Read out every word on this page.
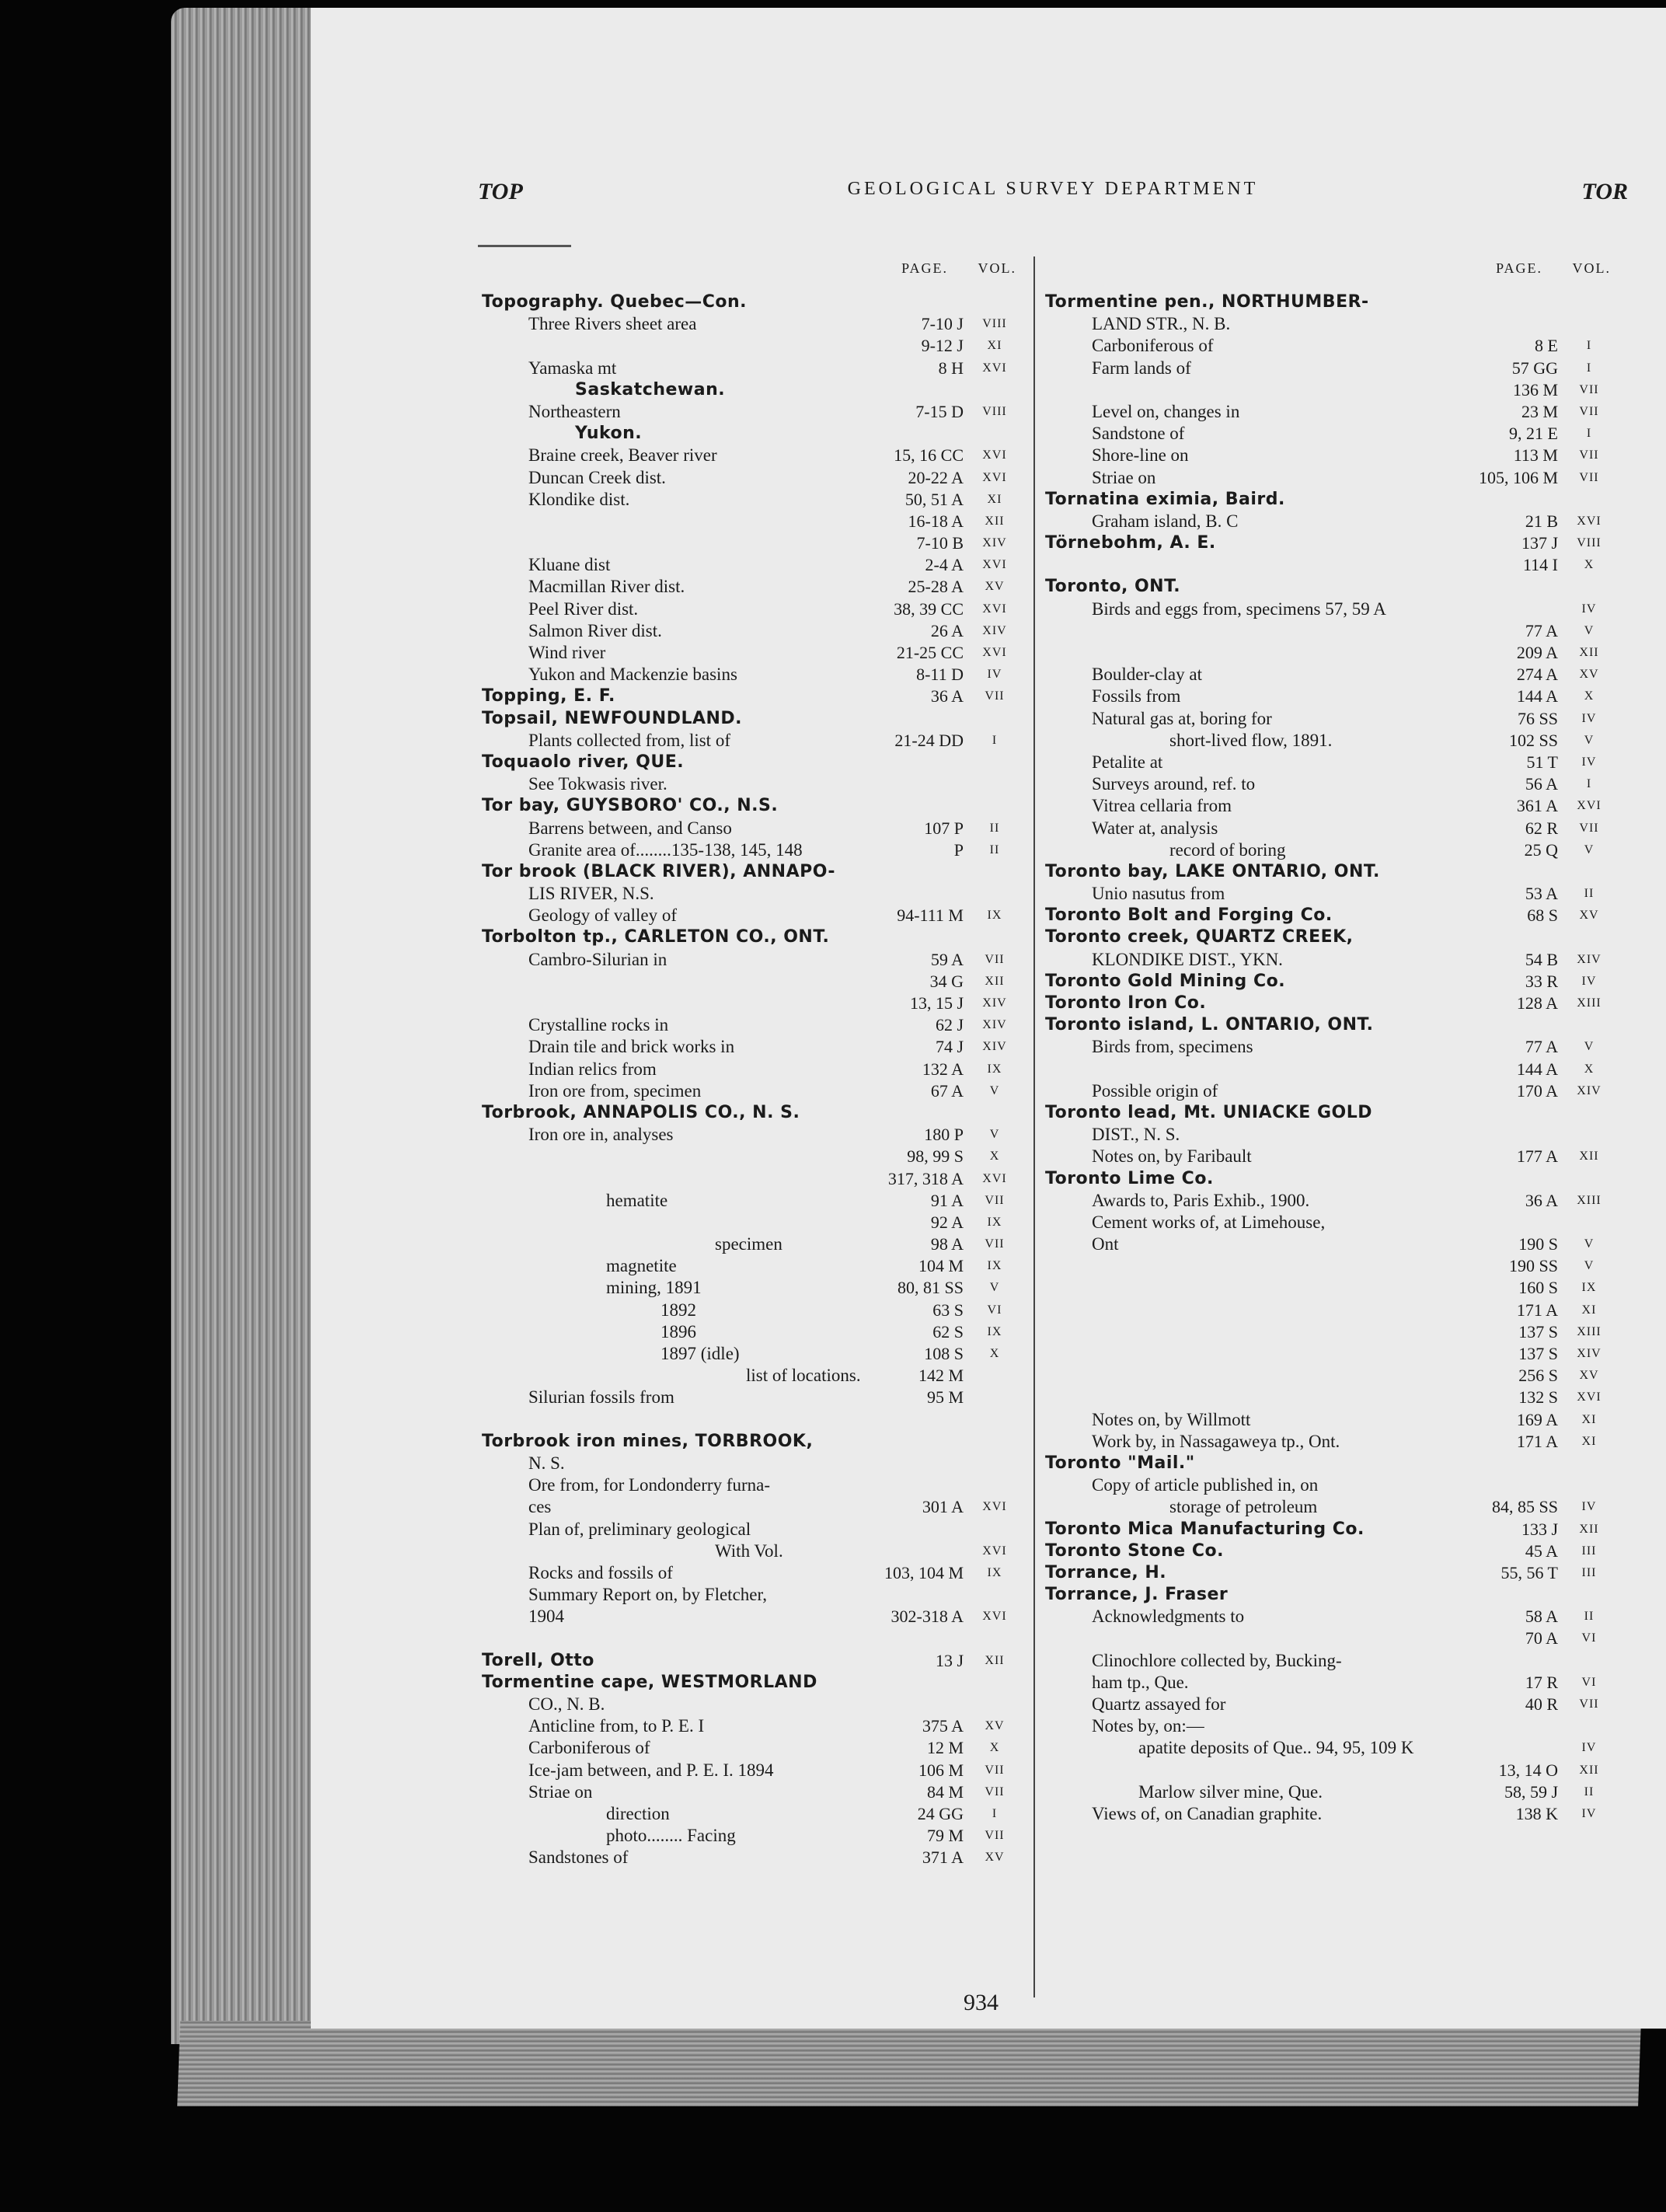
TOP	GEOLOGICAL SURVEY DEPARTMENT	TOR
PAGE. VOL.
Topography. Quebec—Con.
Three Rivers sheet area	7-10 J	VIII
9-12 J	XI
Yamaska mt	8 H	XVI
Saskatchewan.
Northeastern	7-15 D	VIII
Yukon.
Braine creek, Beaver river	15, 16 CC	XVI
Duncan Creek dist.	20-22 A	XVI
Klondike dist.	50, 51 A	XI
16-18 A	XII
7-10 B	XIV
Kluane dist	2-4 A	XVI
Macmillan River dist.	25-28 A	XV
Peel River dist.	38, 39 CC	XVI
Salmon River dist.	26 A	XIV
Wind river	21-25 CC	XVI
Yukon and Mackenzie basins	8-11 D	IV
Topping, E. F.	36 A	VII
Topsail, NEWFOUNDLAND.
Plants collected from, list of	21-24 DD	I
Toquaolo river, QUE.
See Tokwasis river.
Tor bay, GUYSBORO' CO., N.S.
Barrens between, and Canso	107 P	II
Granite area of........135-138, 145, 148	P	II
Tor brook (BLACK RIVER), ANNAPO-
LIS RIVER, N.S.
Geology of valley of	94-111 M	IX
Torbolton tp., CARLETON CO., ONT.
Cambro-Silurian in	59 A	VII
34 G	XII
13, 15 J	XIV
Crystalline rocks in	62 J	XIV
Drain tile and brick works in	74 J	XIV
Indian relics from	132 A	IX
Iron ore from, specimen	67 A	V
Torbrook, ANNAPOLIS CO., N. S.
Iron ore in, analyses	180 P	V
98, 99 S	X
317, 318 A	XVI
hematite	91 A	VII
92 A	IX
specimen	98 A	VII
magnetite	104 M	IX
mining, 1891	80, 81 SS	V
1892	63 S	VI
1896	62 S	IX
1897 (idle)	108 S	X
list of locations.	142 M
Silurian fossils from	95 M
Torbrook iron mines, TORBROOK,
N. S.
Ore from, for Londonderry furna-
ces	301 A	XVI
Plan of, preliminary geological
With Vol.	XVI
Rocks and fossils of	103, 104 M	IX
Summary Report on, by Fletcher,
1904	302-318 A	XVI
Torell, Otto	13 J	XII
Tormentine cape, WESTMORLAND
CO., N. B.
Anticline from, to P. E. I	375 A	XV
Carboniferous of	12 M	X
Ice-jam between, and P. E. I. 1894	106 M	VII
Striae on	84 M	VII
direction	24 GG	I
photo........ Facing	79 M	VII
Sandstones of	371 A	XV
PAGE. VOL.
Tormentine pen., NORTHUMBER-
LAND STR., N. B.
Carboniferous of	8 E	I
Farm lands of	57 GG	I
136 M	VII
Level on, changes in	23 M	VII
Sandstone of	9, 21 E	I
Shore-line on	113 M	VII
Striae on	105, 106 M	VII
Tornatina eximia, Baird.
Graham island, B. C	21 B	XVI
Törnebohm, A. E.	137 J	VIII
114 I	X
Toronto, ONT.
Birds and eggs from, specimens 57, 59 A	IV
77 A	V
209 A	XII
Boulder-clay at	274 A	XV
Fossils from	144 A	X
Natural gas at, boring for	76 SS	IV
short-lived flow, 1891.	102 SS	V
Petalite at	51 T	IV
Surveys around, ref. to	56 A	I
Vitrea cellaria from	361 A	XVI
Water at, analysis	62 R	VII
record of boring	25 Q	V
Toronto bay, LAKE ONTARIO, ONT.
Unio nasutus from	53 A	II
Toronto Bolt and Forging Co.	68 S	XV
Toronto creek, QUARTZ CREEK,
KLONDIKE DIST., YKN.	54 B	XIV
Toronto Gold Mining Co.	33 R	IV
Toronto Iron Co.	128 A	XIII
Toronto island, L. ONTARIO, ONT.
Birds from, specimens	77 A	V
144 A	X
Possible origin of	170 A	XIV
Toronto lead, Mt. UNIACKE GOLD
DIST., N. S.
Notes on, by Faribault	177 A	XII
Toronto Lime Co.
Awards to, Paris Exhib., 1900.	36 A	XIII
Cement works of, at Limehouse,
Ont	190 S	V
190 SS	V
160 S	IX
171 A	XI
137 S	XIII
137 S	XIV
256 S	XV
132 S	XVI
Notes on, by Willmott	169 A	XI
Work by, in Nassagaweya tp., Ont.	171 A	XI
Toronto "Mail."
Copy of article published in, on
storage of petroleum	84, 85 SS	IV
Toronto Mica Manufacturing Co.	133 J	XII
Toronto Stone Co.	45 A	III
Torrance, H.	55, 56 T	III
Torrance, J. Fraser
Acknowledgments to	58 A	II
70 A	VI
Clinochlore collected by, Bucking-
ham tp., Que.	17 R	VI
Quartz assayed for	40 R	VII
Notes by, on:—
apatite deposits of Que.. 94, 95, 109 K	IV
13, 14 O	XII
Marlow silver mine, Que.	58, 59 J	II
Views of, on Canadian graphite.	138 K	IV
934
